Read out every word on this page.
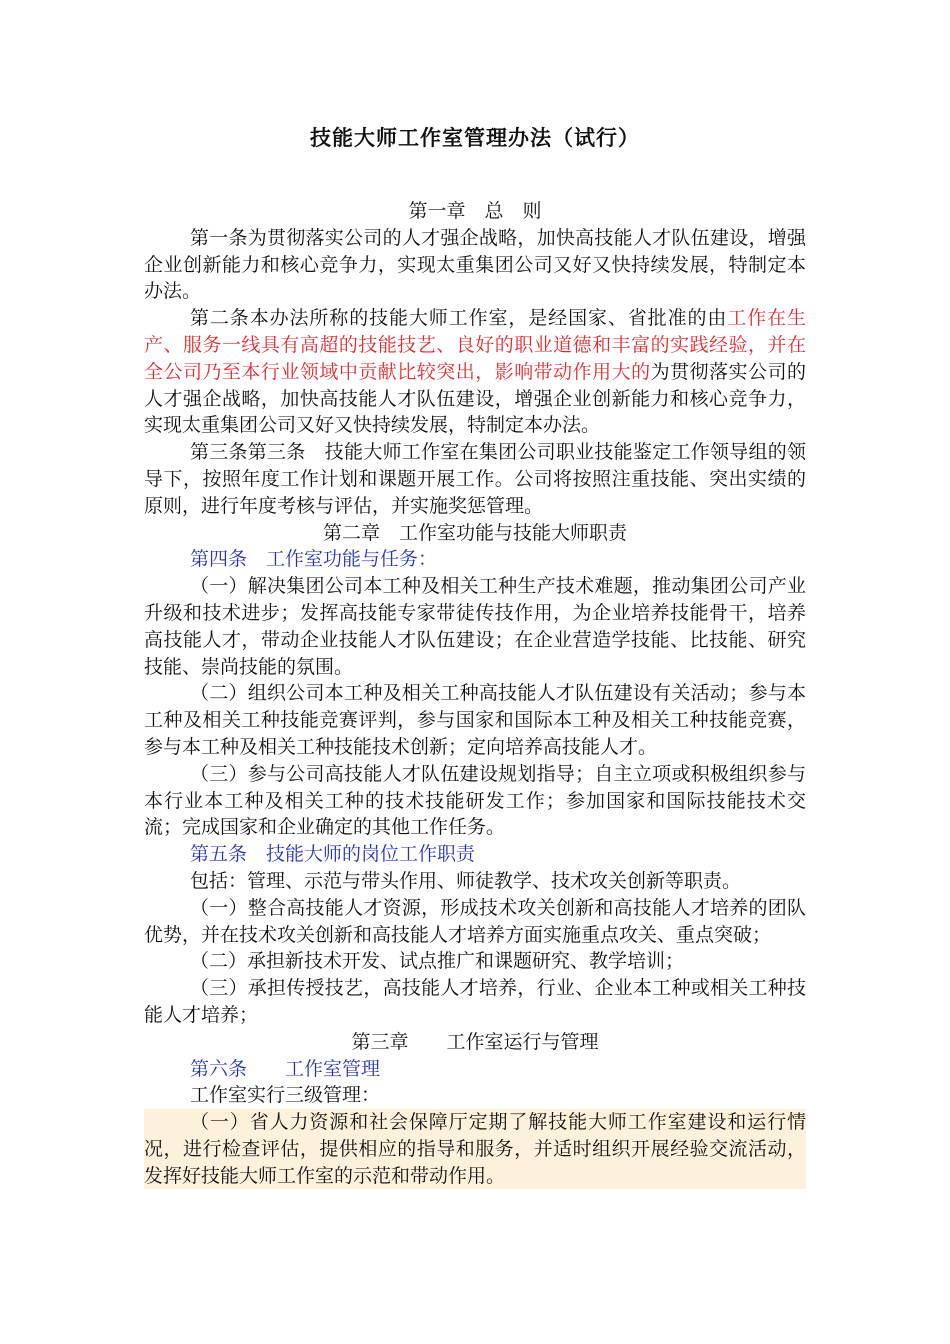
技能大师工作室管理办法（试行）

第一章　总　则

第一条为贯彻落实公司的人才强企战略，加快高技能人才队伍建设，增强企业创新能力和核心竞争力，实现太重集团公司又好又快持续发展，特制定本办法。

第二条本办法所称的技能大师工作室，是经国家、省批准的由工作在生产、服务一线具有高超的技能技艺、良好的职业道德和丰富的实践经验，并在全公司乃至本行业领域中贡献比较突出，影响带动作用大的为贯彻落实公司的人才强企战略，加快高技能人才队伍建设，增强企业创新能力和核心竞争力，实现太重集团公司又好又快持续发展，特制定本办法。

第三条第三条　技能大师工作室在集团公司职业技能鉴定工作领导组的领导下，按照年度工作计划和课题开展工作。公司将按照注重技能、突出实绩的原则，进行年度考核与评估，并实施奖惩管理。

第二章　工作室功能与技能大师职责

第四条　工作室功能与任务：

（一）解决集团公司本工种及相关工种生产技术难题，推动集团公司产业升级和技术进步；发挥高技能专家带徒传技作用，为企业培养技能骨干，培养高技能人才，带动企业技能人才队伍建设；在企业营造学技能、比技能、研究技能、崇尚技能的氛围。

（二）组织公司本工种及相关工种高技能人才队伍建设有关活动；参与本工种及相关工种技能竞赛评判，参与国家和国际本工种及相关工种技能竞赛，参与本工种及相关工种技能技术创新；定向培养高技能人才。

（三）参与公司高技能人才队伍建设规划指导；自主立项或积极组织参与本行业本工种及相关工种的技术技能研发工作；参加国家和国际技能技术交流；完成国家和企业确定的其他工作任务。

第五条　技能大师的岗位工作职责

包括：管理、示范与带头作用、师徒教学、技术攻关创新等职责。

（一）整合高技能人才资源，形成技术攻关创新和高技能人才培养的团队优势，并在技术攻关创新和高技能人才培养方面实施重点攻关、重点突破；

（二）承担新技术开发、试点推广和课题研究、教学培训；

（三）承担传授技艺，高技能人才培养，行业、企业本工种或相关工种技能人才培养；

第三章　　工作室运行与管理

第六条　　工作室管理

工作室实行三级管理：

（一）省人力资源和社会保障厅定期了解技能大师工作室建设和运行情况，进行检查评估，提供相应的指导和服务，并适时组织开展经验交流活动，发挥好技能大师工作室的示范和带动作用。
